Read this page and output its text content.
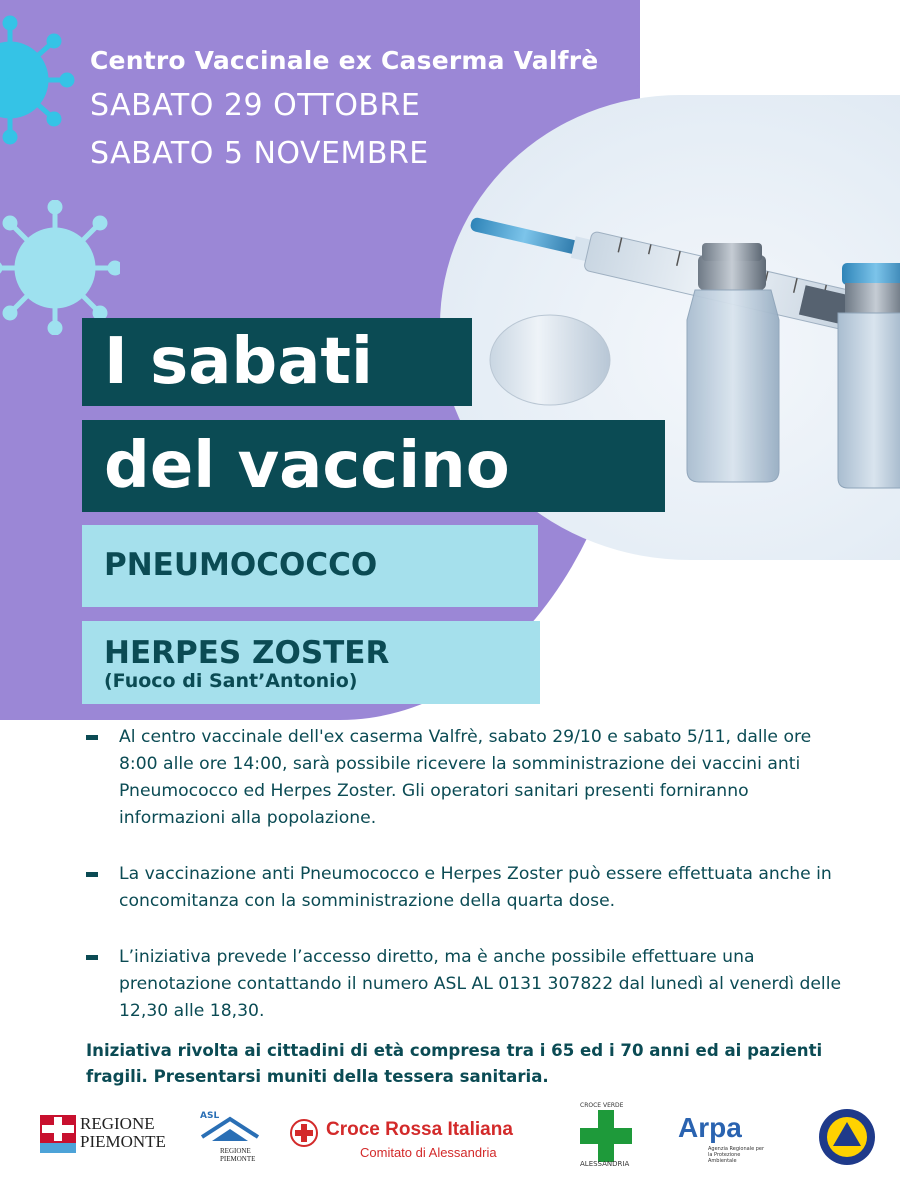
Centro Vaccinale ex Caserma Valfrè
SABATO 29 OTTOBRE
SABATO 5 NOVEMBRE
I sabati
del vaccino
PNEUMOCOCCO
HERPES ZOSTER
(Fuoco di Sant’Antonio)
Al centro vaccinale dell'ex caserma Valfrè, sabato 29/10 e sabato 5/11, dalle ore 8:00 alle ore 14:00, sarà possibile ricevere la somministrazione dei vaccini anti Pneumococco ed Herpes Zoster. Gli operatori sanitari presenti forniranno informazioni alla popolazione.
La vaccinazione anti Pneumococco e Herpes Zoster può essere effettuata anche in concomitanza con la somministrazione della quarta dose.
L’iniziativa prevede l’accesso diretto, ma è anche possibile effettuare una prenotazione contattando il numero ASL AL 0131 307822 dal lunedì al venerdì delle 12,30 alle 18,30.
Iniziativa rivolta ai cittadini di età compresa tra i 65 ed i 70 anni ed ai pazienti fragili. Presentarsi muniti della tessera sanitaria.
REGIONE
PIEMONTE
ASL
REGIONE PIEMONTE
Croce Rossa Italiana
Comitato di Alessandria
CROCE VERDE
ALESSANDRIA
Arpa
Agenzia Regionale per la Protezione Ambientale
